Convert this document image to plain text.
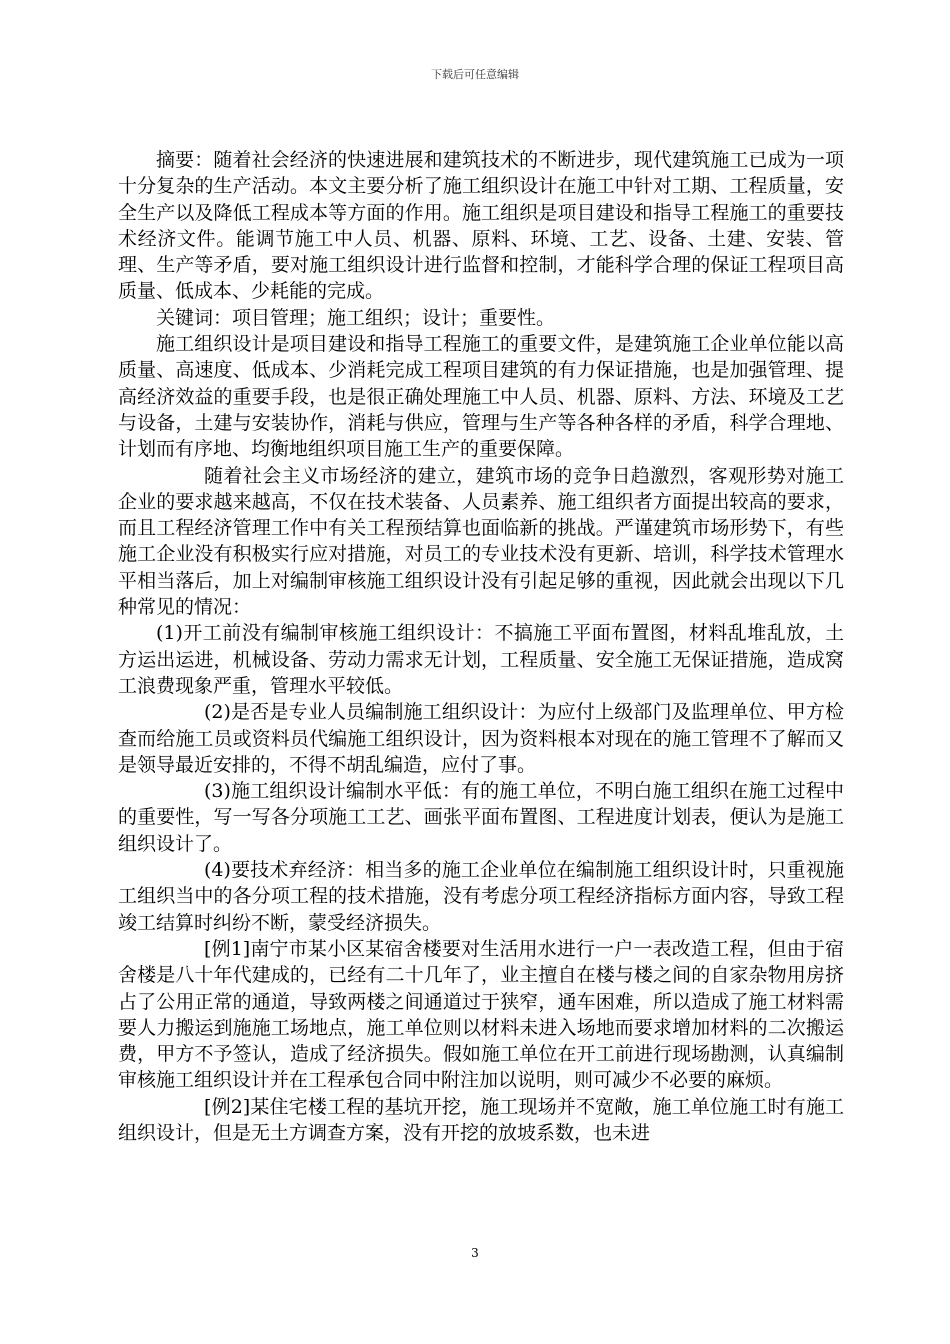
下载后可任意编辑

摘要：随着社会经济的快速进展和建筑技术的不断进步，现代建筑施工已成为一项十分复杂的生产活动。本文主要分析了施工组织设计在施工中针对工期、工程质量，安全生产以及降低工程成本等方面的作用。施工组织是项目建设和指导工程施工的重要技术经济文件。能调节施工中人员、机器、原料、环境、工艺、设备、土建、安装、管理、生产等矛盾，要对施工组织设计进行监督和控制，才能科学合理的保证工程项目高质量、低成本、少耗能的完成。

关键词：项目管理；施工组织；设计；重要性。

施工组织设计是项目建设和指导工程施工的重要文件，是建筑施工企业单位能以高质量、高速度、低成本、少消耗完成工程项目建筑的有力保证措施，也是加强管理、提高经济效益的重要手段，也是很正确处理施工中人员、机器、原料、方法、环境及工艺与设备，土建与安装协作，消耗与供应，管理与生产等各种各样的矛盾，科学合理地、计划而有序地、均衡地组织项目施工生产的重要保障。

随着社会主义市场经济的建立，建筑市场的竞争日趋激烈，客观形势对施工企业的要求越来越高，不仅在技术装备、人员素养、施工组织者方面提出较高的要求，而且工程经济管理工作中有关工程预结算也面临新的挑战。严谨建筑市场形势下，有些施工企业没有积极实行应对措施，对员工的专业技术没有更新、培训，科学技术管理水平相当落后，加上对编制审核施工组织设计没有引起足够的重视，因此就会出现以下几种常见的情况：

(1)开工前没有编制审核施工组织设计：不搞施工平面布置图，材料乱堆乱放，土方运出运进，机械设备、劳动力需求无计划，工程质量、安全施工无保证措施，造成窝工浪费现象严重，管理水平较低。

(2)是否是专业人员编制施工组织设计：为应付上级部门及监理单位、甲方检查而给施工员或资料员代编施工组织设计，因为资料根本对现在的施工管理不了解而又是领导最近安排的，不得不胡乱编造，应付了事。

(3)施工组织设计编制水平低：有的施工单位，不明白施工组织在施工过程中的重要性，写一写各分项施工工艺、画张平面布置图、工程进度计划表，便认为是施工组织设计了。

(4)要技术弃经济：相当多的施工企业单位在编制施工组织设计时，只重视施工组织当中的各分项工程的技术措施，没有考虑分项工程经济指标方面内容，导致工程竣工结算时纠纷不断，蒙受经济损失。

[例1]南宁市某小区某宿舍楼要对生活用水进行一户一表改造工程，但由于宿舍楼是八十年代建成的，已经有二十几年了，业主擅自在楼与楼之间的自家杂物用房挤占了公用正常的通道，导致两楼之间通道过于狭窄，通车困难，所以造成了施工材料需要人力搬运到施施工场地点，施工单位则以材料未进入场地而要求增加材料的二次搬运费，甲方不予签认，造成了经济损失。假如施工单位在开工前进行现场勘测，认真编制审核施工组织设计并在工程承包合同中附注加以说明，则可减少不必要的麻烦。

[例2]某住宅楼工程的基坑开挖，施工现场并不宽敞，施工单位施工时有施工组织设计，但是无土方调查方案，没有开挖的放坡系数，也未进

3
